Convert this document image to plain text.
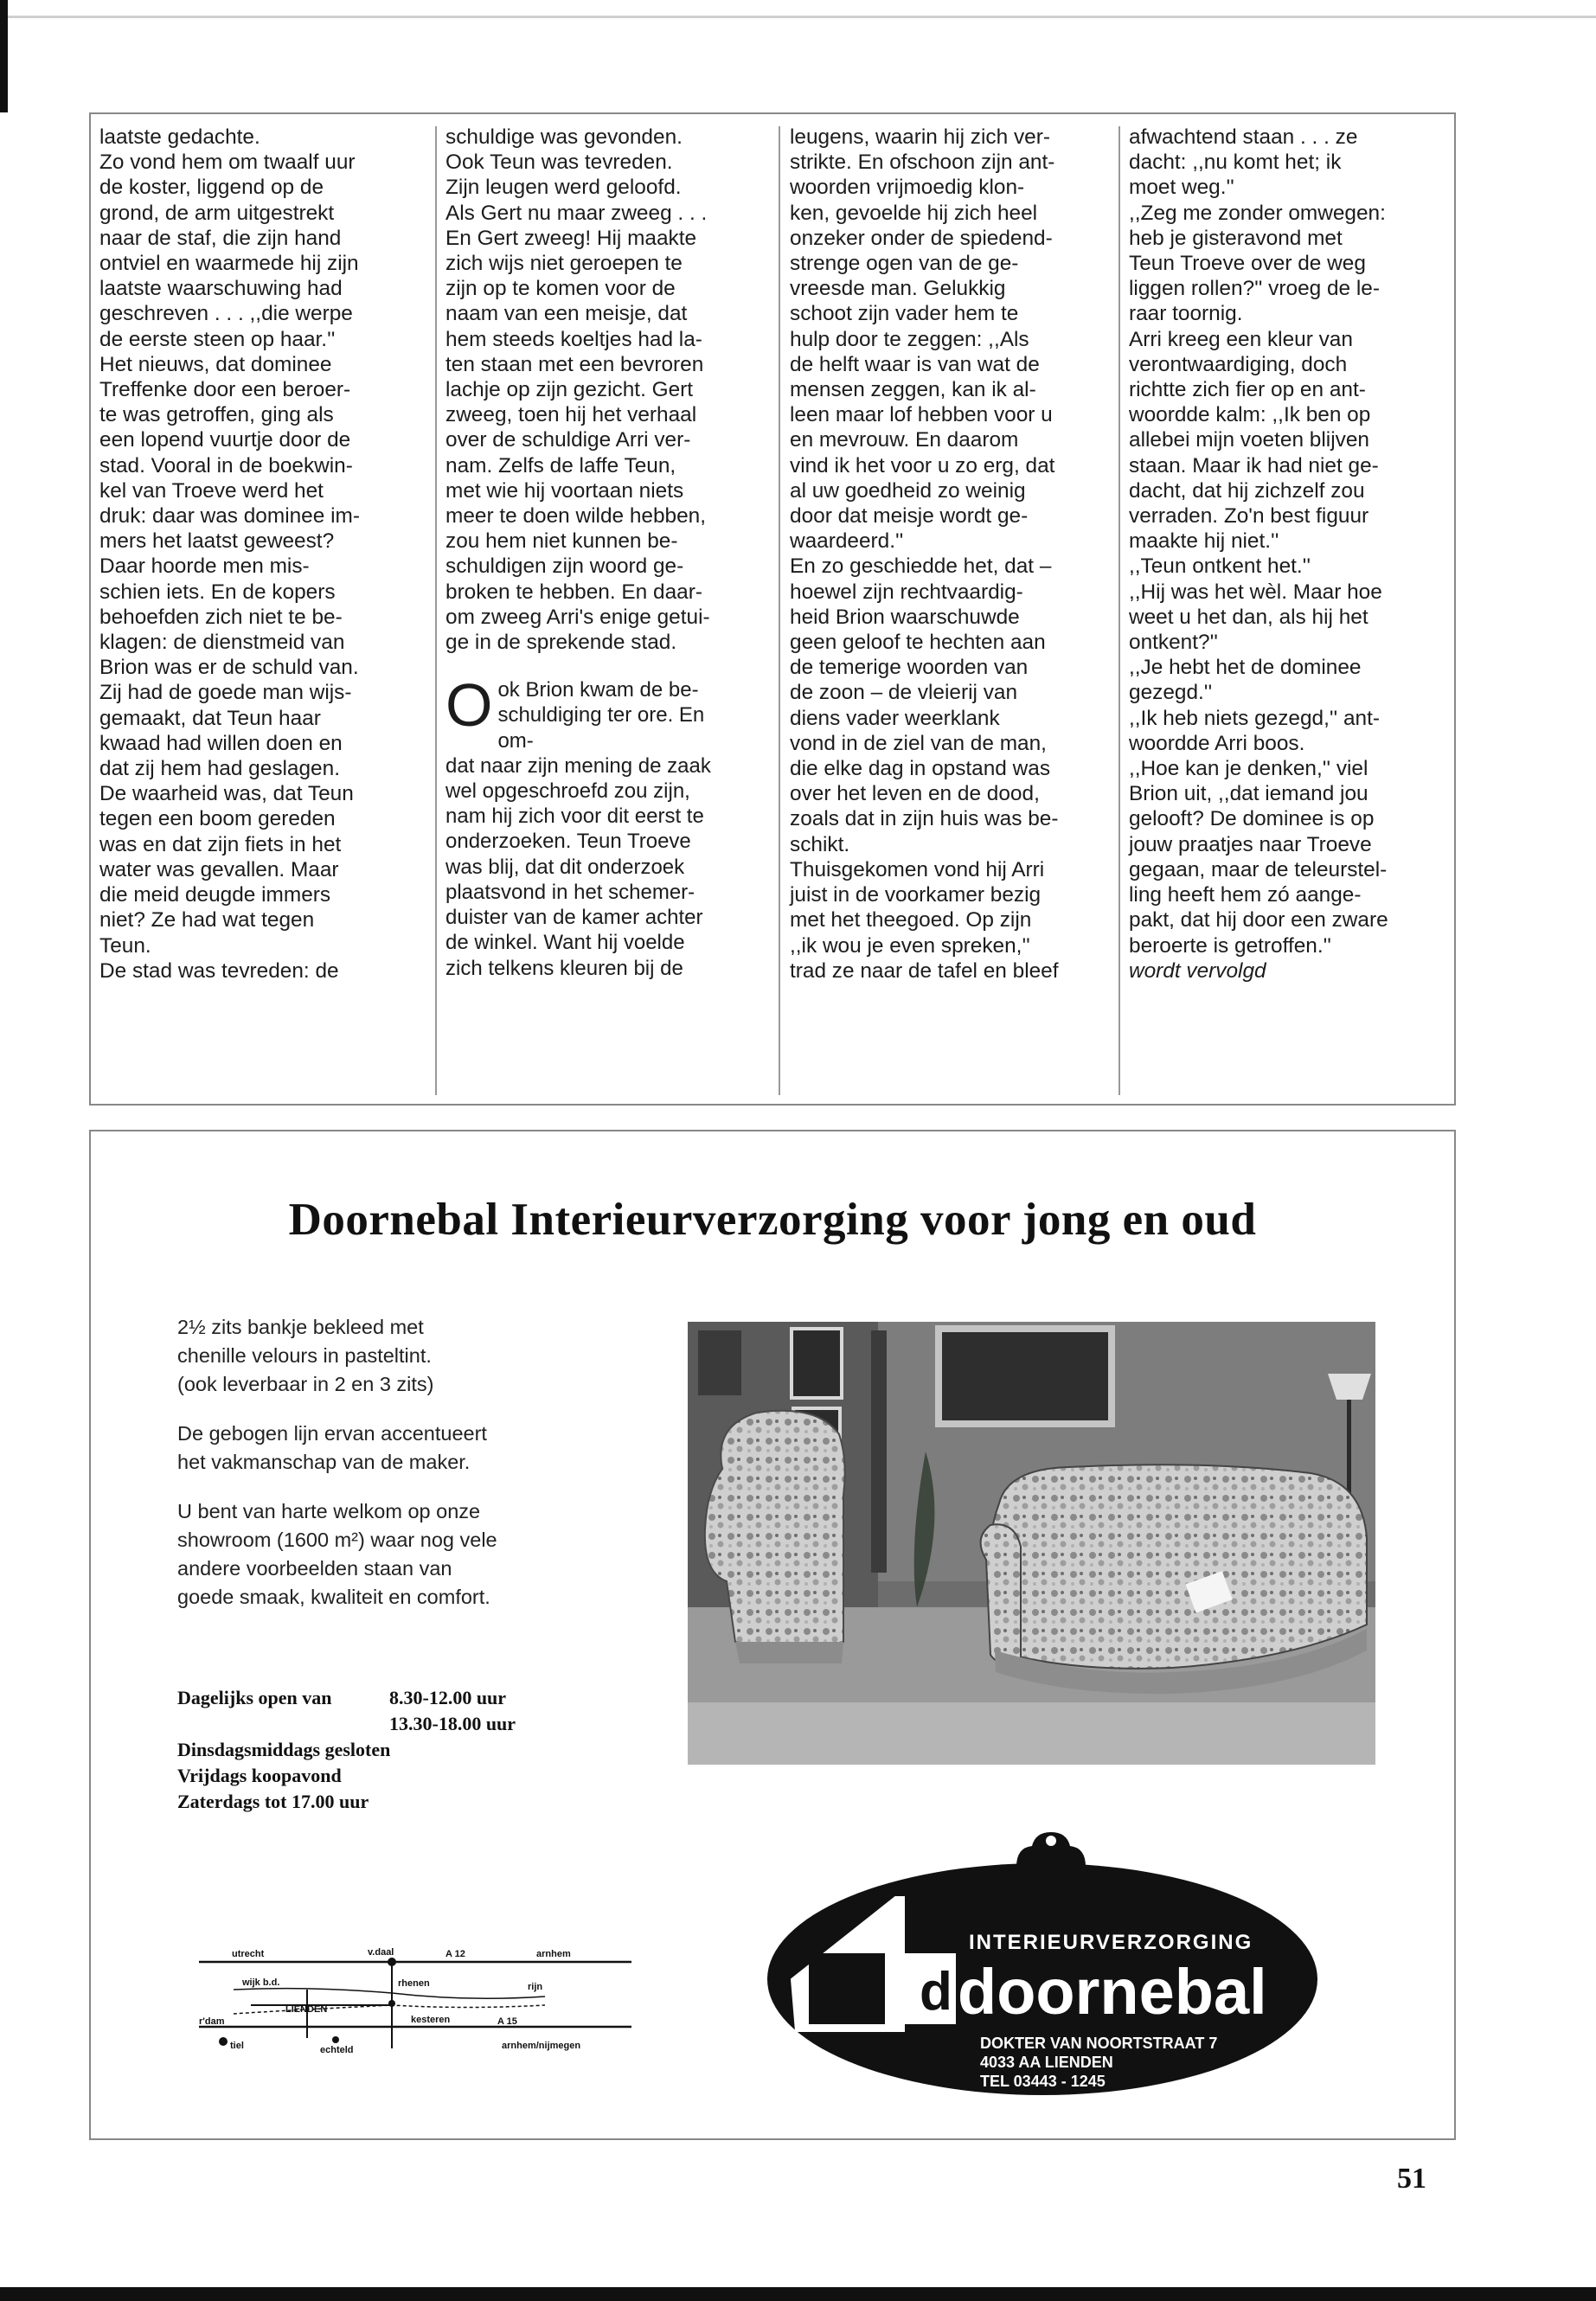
laatste gedachte.

Zo vond hem om twaalf uur

de koster, liggend op de

grond, de arm uitgestrekt

naar de staf, die zijn hand

ontviel en waarmede hij zijn

laatste waarschuwing had

geschreven . . . ,,die werpe

de eerste steen op haar.''

Het nieuws, dat dominee

Treffenke door een beroer-

te was getroffen, ging als

een lopend vuurtje door de

stad. Vooral in de boekwin-

kel van Troeve werd het

druk: daar was dominee im-

mers het laatst geweest?

Daar hoorde men mis-

schien iets. En de kopers

behoefden zich niet te be-

klagen: de dienstmeid van

Brion was er de schuld van.

Zij had de goede man wijs-

gemaakt, dat Teun haar

kwaad had willen doen en

dat zij hem had geslagen.

De waarheid was, dat Teun

tegen een boom gereden

was en dat zijn fiets in het

water was gevallen. Maar

die meid deugde immers

niet? Ze had wat tegen

Teun.

De stad was tevreden: de

schuldige was gevonden.

Ook Teun was tevreden.

Zijn leugen werd geloofd.

Als Gert nu maar zweeg . . .

En Gert zweeg! Hij maakte

zich wijs niet geroepen te

zijn op te komen voor de

naam van een meisje, dat

hem steeds koeltjes had la-

ten staan met een bevroren

lachje op zijn gezicht. Gert

zweeg, toen hij het verhaal

over de schuldige Arri ver-

nam. Zelfs de laffe Teun,

met wie hij voortaan niets

meer te doen wilde hebben,

zou hem niet kunnen be-

schuldigen zijn woord ge-

broken te hebben. En daar-

om zweeg Arri's enige getui-

ge in de sprekende stad.

O ok Brion kwam de be-

schuldiging ter ore. En om-

dat naar zijn mening de zaak

wel opgeschroefd zou zijn,

nam hij zich voor dit eerst te

onderzoeken. Teun Troeve

was blij, dat dit onderzoek

plaatsvond in het schemer-

duister van de kamer achter

de winkel. Want hij voelde

zich telkens kleuren bij de

leugens, waarin hij zich ver-

strikte. En ofschoon zijn ant-

woorden vrijmoedig klon-

ken, gevoelde hij zich heel

onzeker onder de spiedend-

strenge ogen van de ge-

vreesde man. Gelukkig

schoot zijn vader hem te

hulp door te zeggen: ,,Als

de helft waar is van wat de

mensen zeggen, kan ik al-

leen maar lof hebben voor u

en mevrouw. En daarom

vind ik het voor u zo erg, dat

al uw goedheid zo weinig

door dat meisje wordt ge-

waardeerd.''

En zo geschiedde het, dat –

hoewel zijn rechtvaardig-

heid Brion waarschuwde

geen geloof te hechten aan

de temerige woorden van

de zoon – de vleierij van

diens vader weerklank

vond in de ziel van de man,

die elke dag in opstand was

over het leven en de dood,

zoals dat in zijn huis was be-

schikt.

Thuisgekomen vond hij Arri

juist in de voorkamer bezig

met het theegoed. Op zijn

,,ik wou je even spreken,''

trad ze naar de tafel en bleef

afwachtend staan . . . ze

dacht: ,,nu komt het; ik

moet weg.''

,,Zeg me zonder omwegen:

heb je gisteravond met

Teun Troeve over de weg

liggen rollen?'' vroeg de le-

raar toornig.

Arri kreeg een kleur van

verontwaardiging, doch

richtte zich fier op en ant-

woordde kalm: ,,Ik ben op

allebei mijn voeten blijven

staan. Maar ik had niet ge-

dacht, dat hij zichzelf zou

verraden. Zo'n best figuur

maakte hij niet.''

,,Teun ontkent het.''

,,Hij was het wèl. Maar hoe

weet u het dan, als hij het

ontkent?''

,,Je hebt het de dominee

gezegd.''

,,Ik heb niets gezegd,'' ant-

woordde Arri boos.

,,Hoe kan je denken,'' viel

Brion uit, ,,dat iemand jou

gelooft? De dominee is op

jouw praatjes naar Troeve

gegaan, maar de teleurstel-

ling heeft hem zó aange-

pakt, dat hij door een zware

beroerte is getroffen.''

wordt vervolgd

Doornebal Interieurverzorging voor jong en oud

2½ zits bankje bekleed met
chenille velours in pasteltint.
(ook leverbaar in 2 en 3 zits)

De gebogen lijn ervan accentueert
het vakmanschap van de maker.

U bent van harte welkom op onze
showroom (1600 m²) waar nog vele
andere voorbeelden staan van
goede smaak, kwaliteit en comfort.

Dagelijks open van	8.30-12.00 uur
13.30-18.00 uur
Dinsdagsmiddags gesloten
Vrijdags koopavond
Zaterdags tot 17.00 uur
utrecht	v.daal	A 12	arnhem
wijk b.d.	rhenen	rijn
r'dam
LIENDEN
kesteren	A 15
tiel	echteld	arnhem/nijmegen
d
INTERIEURVERZORGING
doornebal
DOKTER VAN NOORTSTRAAT 7
4033 AA LIENDEN
TEL 03443 - 1245
51
